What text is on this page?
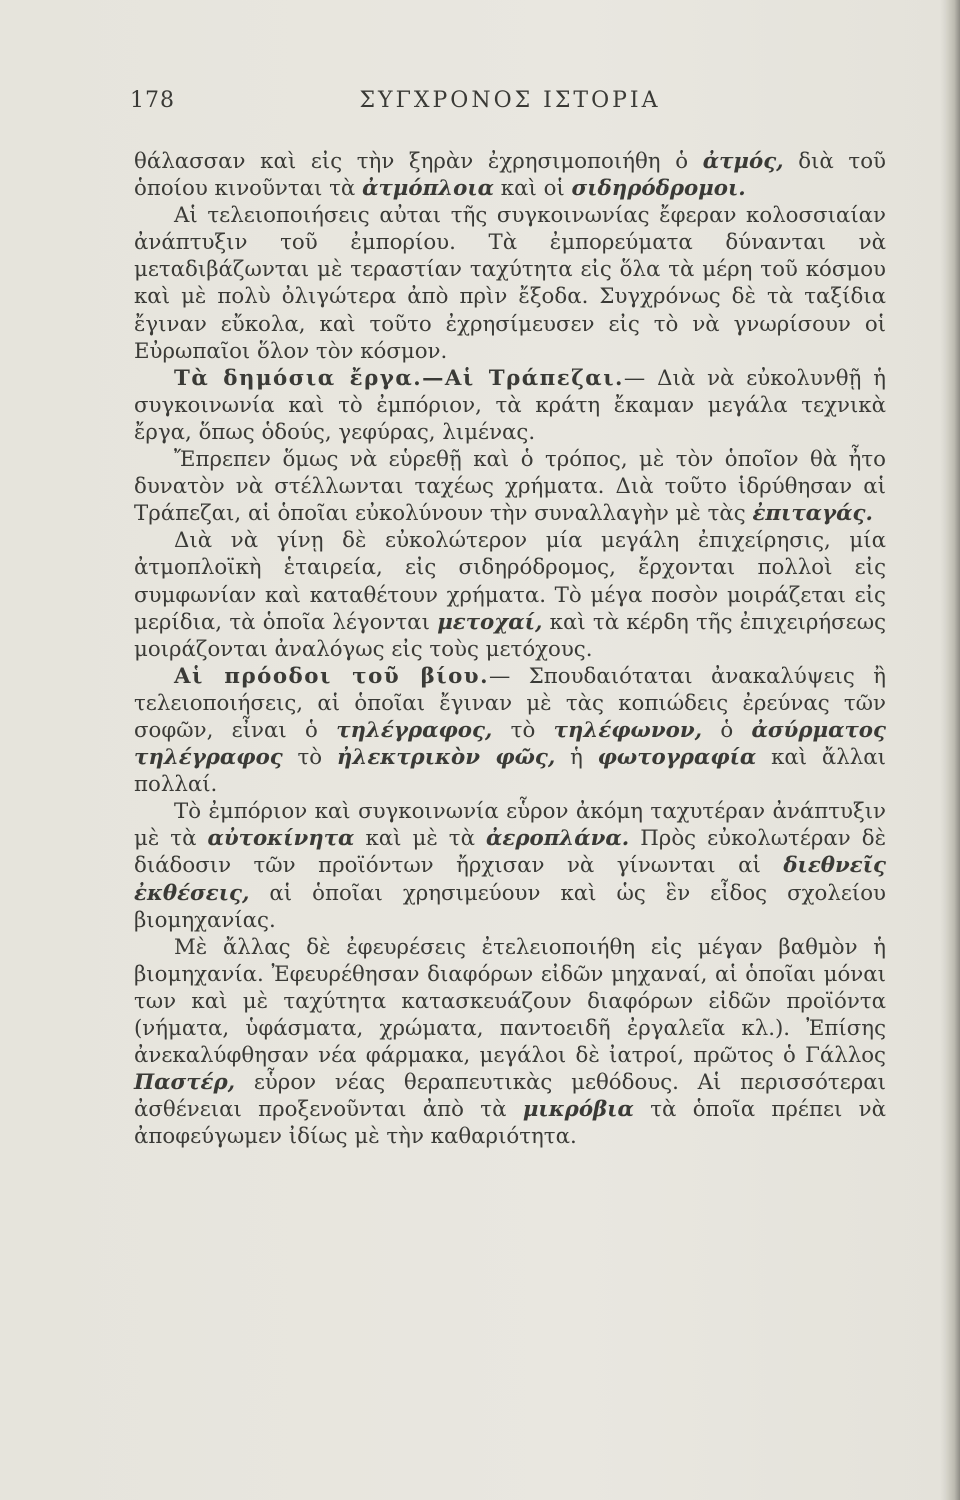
178	ΣΥΓΧΡΟΝΟΣ ΙΣΤΟΡΙΑ

θάλασσαν καὶ εἰς τὴν ξηρὰν ἐχρησιμοποιήθη ὁ ἀτμός, διὰ τοῦ ὁποίου κινοῦνται τὰ ἀτμόπλοια καὶ οἱ σιδηρόδρομοι.

Αἱ τελειοποιήσεις αὐται τῆς συγκοινωνίας ἔφεραν κολοσσιαίαν ἀνάπτυξιν τοῦ ἐμπορίου. Τὰ ἐμπορεύματα δύνανται νὰ μεταδιβάζωνται μὲ τεραστίαν ταχύτητα εἰς ὅλα τὰ μέρη τοῦ κόσμου καὶ μὲ πολὺ ὀλιγώτερα ἀπὸ πρὶν ἔξοδα. Συγχρόνως δὲ τὰ ταξίδια ἔγιναν εὔκολα, καὶ τοῦτο ἐχρησίμευσεν εἰς τὸ νὰ γνωρίσουν οἱ Εὐρωπαῖοι ὅλον τὸν κόσμον.

Τὰ δημόσια ἔργα.—Αἱ Τράπεζαι.— Διὰ νὰ εὐκολυνθῇ ἡ συγκοινωνία καὶ τὸ ἐμπόριον, τὰ κράτη ἔκαμαν μεγάλα τεχνικὰ ἔργα, ὅπως ὁδούς, γεφύρας, λιμένας.

Ἔπρεπεν ὅμως νὰ εὑρεθῇ καὶ ὁ τρόπος, μὲ τὸν ὁποῖον θὰ ἦτο δυνατὸν νὰ στέλλωνται ταχέως χρήματα. Διὰ τοῦτο ἱδρύθησαν αἱ Τράπεζαι, αἱ ὁποῖαι εὐκολύνουν τὴν συναλλαγὴν μὲ τὰς ἐπιταγάς.

Διὰ νὰ γίνῃ δὲ εὐκολώτερον μία μεγάλη ἐπιχείρησις, μία ἀτμοπλοϊκὴ ἑταιρεία, εἰς σιδηρόδρομος, ἔρχονται πολλοὶ εἰς συμφωνίαν καὶ καταθέτουν χρήματα. Τὸ μέγα ποσὸν μοιράζεται εἰς μερίδια, τὰ ὁποῖα λέγονται μετοχαί, καὶ τὰ κέρδη τῆς ἐπιχειρήσεως μοιράζονται ἀναλόγως εἰς τοὺς μετόχους.

Αἱ πρόοδοι τοῦ βίου.— Σπουδαιόταται ἀνακαλύψεις ἢ τελειοποιήσεις, αἱ ὁποῖαι ἔγιναν μὲ τὰς κοπιώδεις ἐρεύνας τῶν σοφῶν, εἶναι ὁ τηλέγραφος, τὸ τηλέφωνον, ὁ ἀσύρματος τηλέγραφος τὸ ἠλεκτρικὸν φῶς, ἡ φωτογραφία καὶ ἄλλαι πολλαί.

Τὸ ἐμπόριον καὶ συγκοινωνία εὗρον ἀκόμη ταχυτέραν ἀνάπτυξιν μὲ τὰ αὐτοκίνητα καὶ μὲ τὰ ἀεροπλάνα. Πρὸς εὐκολωτέραν δὲ διάδοσιν τῶν προϊόντων ἤρχισαν νὰ γίνωνται αἱ διεθνεῖς ἐκθέσεις, αἱ ὁποῖαι χρησιμεύουν καὶ ὡς ἓν εἶδος σχολείου βιομηχανίας.

Μὲ ἄλλας δὲ ἐφευρέσεις ἐτελειοποιήθη εἰς μέγαν βαθμὸν ἡ βιομηχανία. Ἐφευρέθησαν διαφόρων εἰδῶν μηχαναί, αἱ ὁποῖαι μόναι των καὶ μὲ ταχύτητα κατασκευάζουν διαφόρων εἰδῶν προϊόντα (νήματα, ὑφάσματα, χρώματα, παντοειδῆ ἐργαλεῖα κλ.). Ἐπίσης ἀνεκαλύφθησαν νέα φάρμακα, μεγάλοι δὲ ἰατροί, πρῶτος ὁ Γάλλος Παστέρ, εὗρον νέας θεραπευτικὰς μεθόδους. Αἱ περισσότεραι ἀσθένειαι προξενοῦνται ἀπὸ τὰ μικρόβια τὰ ὁποῖα πρέπει νὰ ἀποφεύγωμεν ἰδίως μὲ τὴν καθαριότητα.
